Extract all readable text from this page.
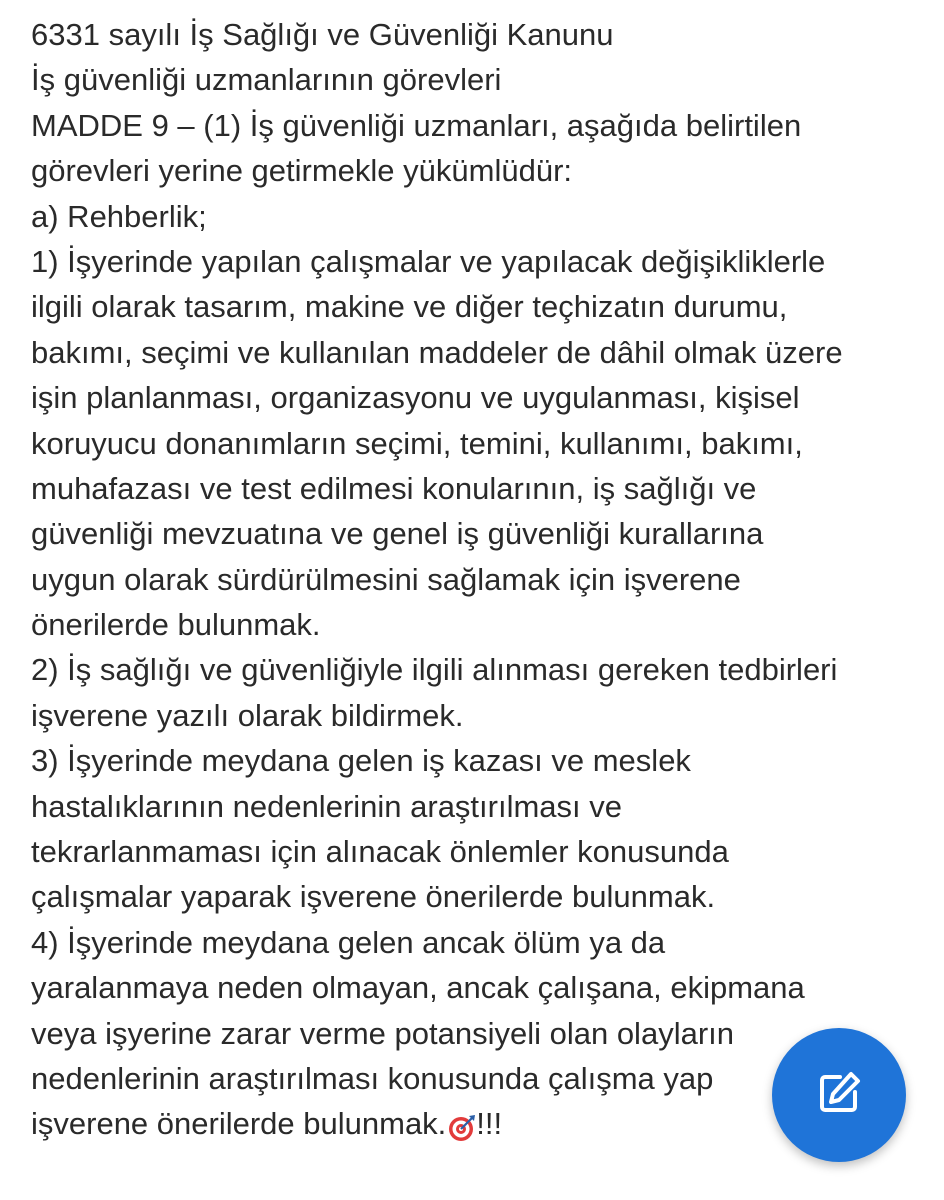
6331 sayılı İş Sağlığı ve Güvenliği Kanunu
İş güvenliği uzmanlarının görevleri
MADDE 9 – (1) İş güvenliği uzmanları, aşağıda belirtilen
görevleri yerine getirmekle yükümlüdür:
a) Rehberlik;
1) İşyerinde yapılan çalışmalar ve yapılacak değişikliklerle
ilgili olarak tasarım, makine ve diğer teçhizatın durumu,
bakımı, seçimi ve kullanılan maddeler de dâhil olmak üzere
işin planlanması, organizasyonu ve uygulanması, kişisel
koruyucu donanımların seçimi, temini, kullanımı, bakımı,
muhafazası ve test edilmesi konularının, iş sağlığı ve
güvenliği mevzuatına ve genel iş güvenliği kurallarına
uygun olarak sürdürülmesini sağlamak için işverene
önerilerde bulunmak.
2) İş sağlığı ve güvenliğiyle ilgili alınması gereken tedbirleri
işverene yazılı olarak bildirmek.
3) İşyerinde meydana gelen iş kazası ve meslek
hastalıklarının nedenlerinin araştırılması ve
tekrarlanmaması için alınacak önlemler konusunda
çalışmalar yaparak işverene önerilerde bulunmak.
4) İşyerinde meydana gelen ancak ölüm ya da
yaralanmaya neden olmayan, ancak çalışana, ekipmana
veya işyerine zarar verme potansiyeli olan olayların
nedenlerinin araştırılması konusunda çalışma yap
işverene önerilerde bulunmak. !!!
